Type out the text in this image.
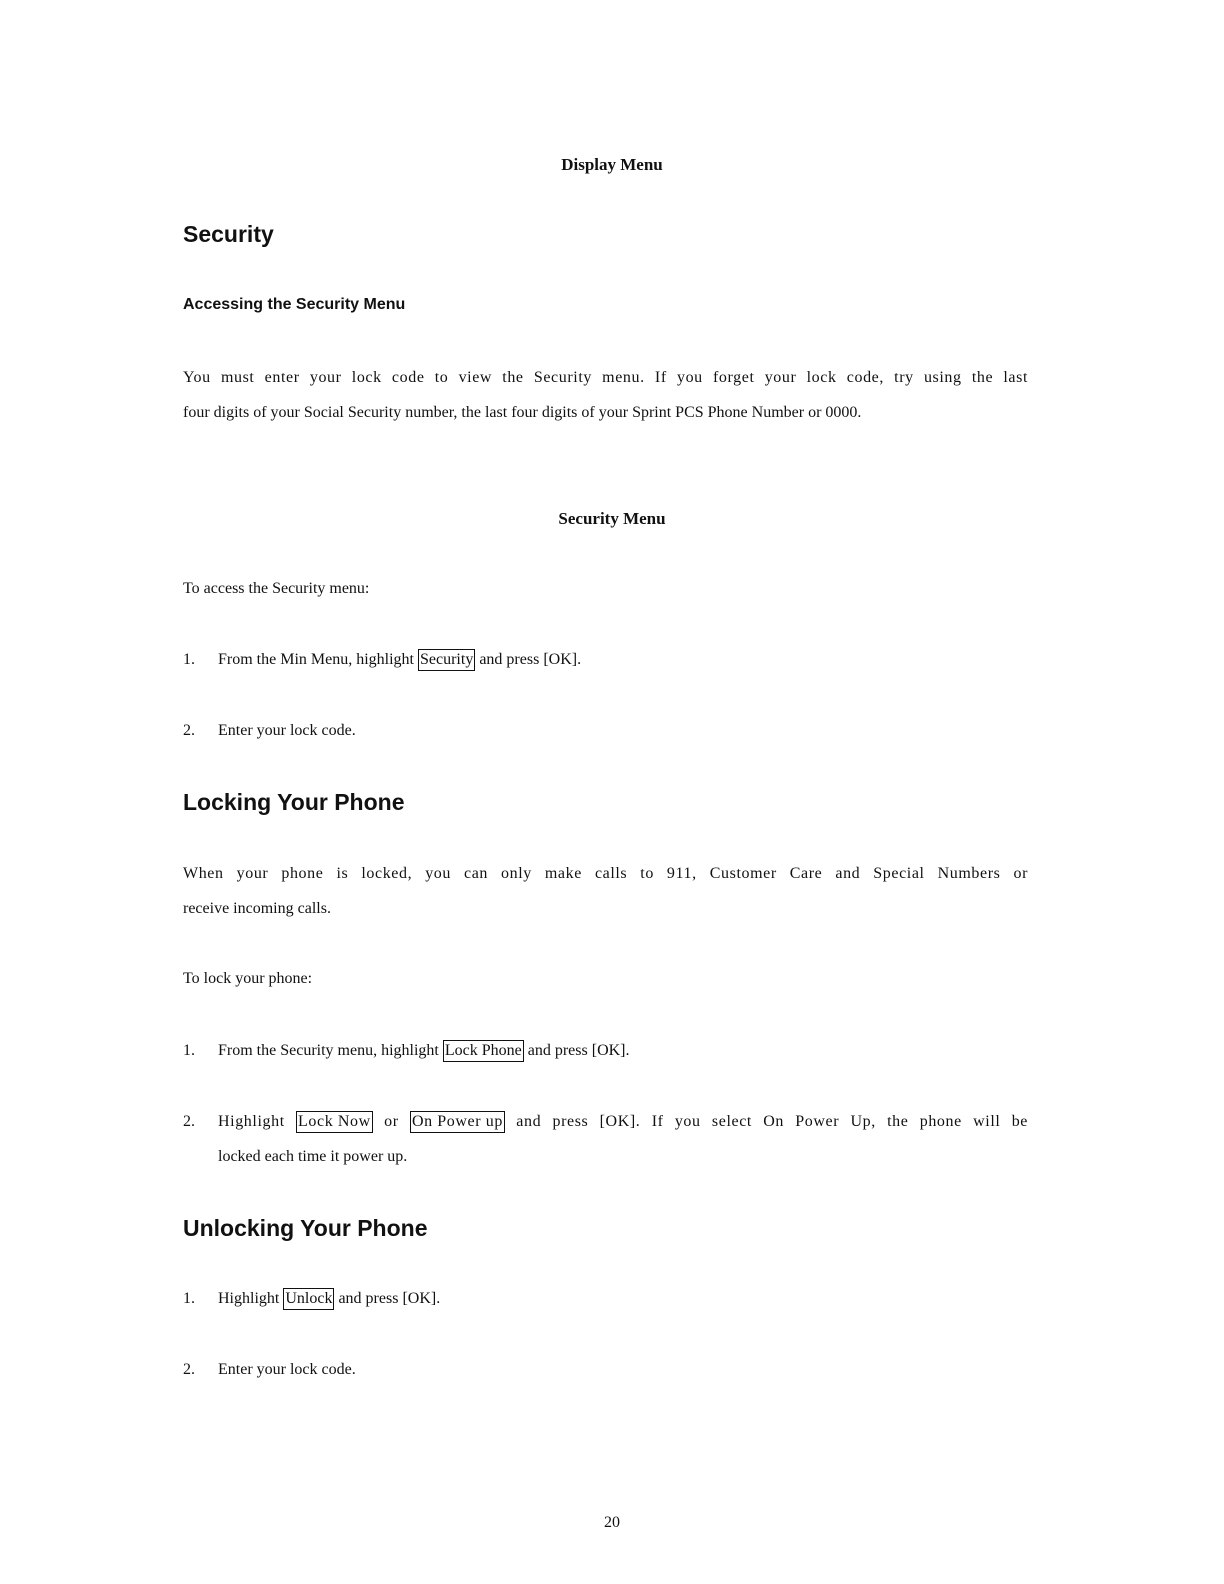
Display Menu
Security
Accessing the Security Menu
You must enter your lock code to view the Security menu. If you forget your lock code, try using the last
four digits of your Social Security number, the last four digits of your Sprint PCS Phone Number or 0000.
Security Menu
To access the Security menu:
1. From the Min Menu, highlight Security and press [OK].
2. Enter your lock code.
Locking Your Phone
When your phone is locked, you can only make calls to 911, Customer Care and Special Numbers or
receive incoming calls.
To lock your phone:
1. From the Security menu, highlight Lock Phone and press [OK].
2. Highlight Lock Now or On Power up and press [OK]. If you select On Power Up, the phone will be
locked each time it power up.
Unlocking Your Phone
1. Highlight Unlock and press [OK].
2. Enter your lock code.
20
